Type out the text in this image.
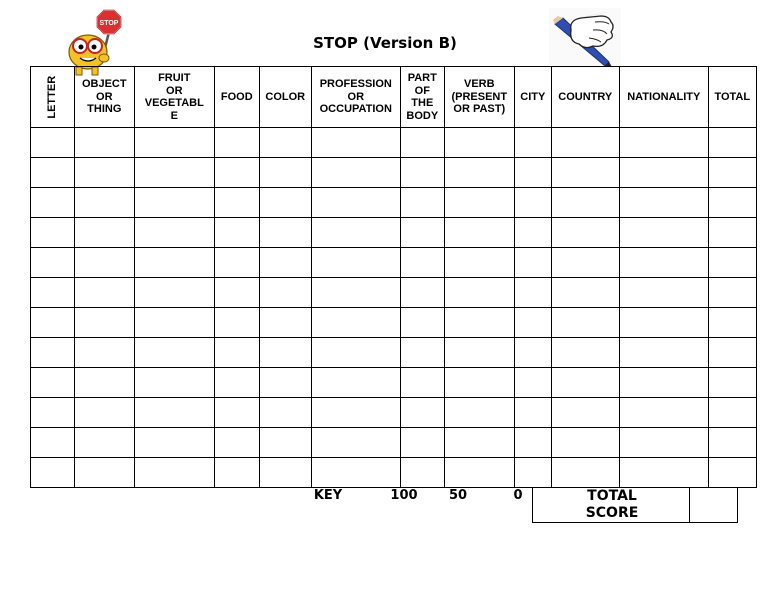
STOP (Version B)
STOP
LETTER	OBJECT
OR
THING	FRUIT
OR
VEGETABL
E	FOOD	COLOR	PROFESSION
OR
OCCUPATION	PART
OF
THE
BODY	VERB
(PRESENT
OR PAST)	CITY	COUNTRY	NATIONALITY	TOTAL

KEY	100	50	0	TOTAL
SCORE
